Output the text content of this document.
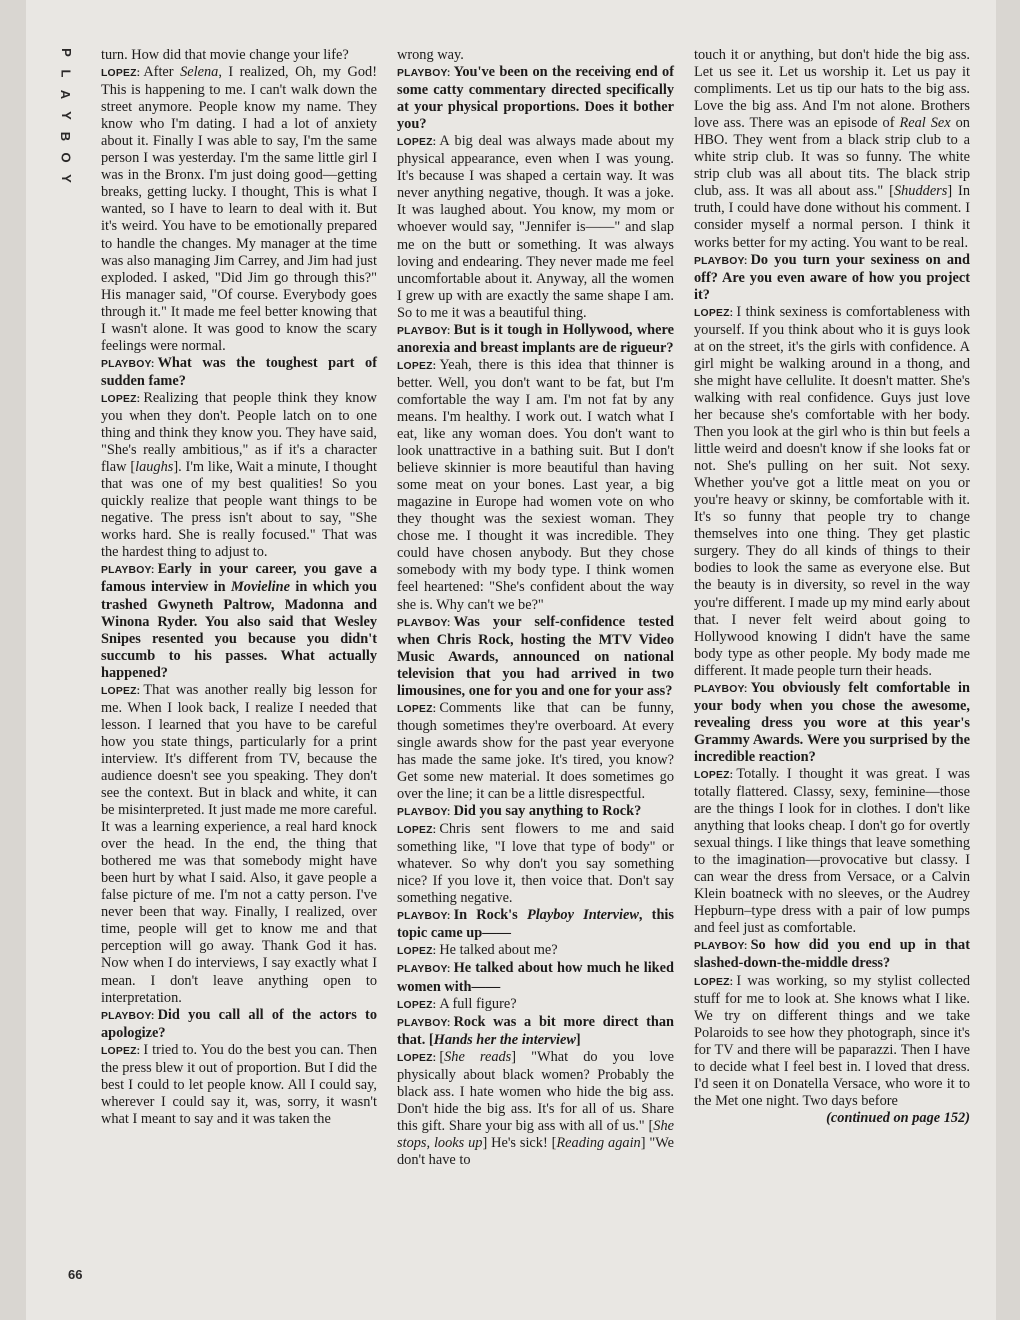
P
L
A
Y
B
O
Y

turn. How did that movie change your life?

LOPEZ: After Selena, I realized, Oh, my God! This is happening to me. I can't walk down the street anymore. People know my name. They know who I'm dating. I had a lot of anxiety about it. Finally I was able to say, I'm the same person I was yesterday. I'm the same little girl I was in the Bronx. I'm just doing good—getting breaks, getting lucky. I thought, This is what I wanted, so I have to learn to deal with it. But it's weird. You have to be emotionally prepared to handle the changes. My manager at the time was also managing Jim Carrey, and Jim had just exploded. I asked, "Did Jim go through this?" His manager said, "Of course. Everybody goes through it." It made me feel better knowing that I wasn't alone. It was good to know the scary feelings were normal.

PLAYBOY: What was the toughest part of sudden fame?

LOPEZ: Realizing that people think they know you when they don't. People latch on to one thing and think they know you. They have said, "She's really ambitious," as if it's a character flaw [laughs]. I'm like, Wait a minute, I thought that was one of my best qualities! So you quickly realize that people want things to be negative. The press isn't about to say, "She works hard. She is really focused." That was the hardest thing to adjust to.

PLAYBOY: Early in your career, you gave a famous interview in Movieline in which you trashed Gwyneth Paltrow, Madonna and Winona Ryder. You also said that Wesley Snipes resented you because you didn't succumb to his passes. What actually happened?

LOPEZ: That was another really big lesson for me. When I look back, I realize I needed that lesson. I learned that you have to be careful how you state things, particularly for a print interview. It's different from TV, because the audience doesn't see you speaking. They don't see the context. But in black and white, it can be misinterpreted. It just made me more careful. It was a learning experience, a real hard knock over the head. In the end, the thing that bothered me was that somebody might have been hurt by what I said. Also, it gave people a false picture of me. I'm not a catty person. I've never been that way. Finally, I realized, over time, people will get to know me and that perception will go away. Thank God it has. Now when I do interviews, I say exactly what I mean. I don't leave anything open to interpretation.

PLAYBOY: Did you call all of the actors to apologize?

LOPEZ: I tried to. You do the best you can. Then the press blew it out of proportion. But I did the best I could to let people know. All I could say, wherever I could say it, was, sorry, it wasn't what I meant to say and it was taken the

wrong way.

PLAYBOY: You've been on the receiving end of some catty commentary directed specifically at your physical proportions. Does it bother you?

LOPEZ: A big deal was always made about my physical appearance, even when I was young. It's because I was shaped a certain way. It was never anything negative, though. It was a joke. It was laughed about. You know, my mom or whoever would say, "Jennifer is——" and slap me on the butt or something. It was always loving and endearing. They never made me feel uncomfortable about it. Anyway, all the women I grew up with are exactly the same shape I am. So to me it was a beautiful thing.

PLAYBOY: But is it tough in Hollywood, where anorexia and breast implants are de rigueur?

LOPEZ: Yeah, there is this idea that thinner is better. Well, you don't want to be fat, but I'm comfortable the way I am. I'm not fat by any means. I'm healthy. I work out. I watch what I eat, like any woman does. You don't want to look unattractive in a bathing suit. But I don't believe skinnier is more beautiful than having some meat on your bones. Last year, a big magazine in Europe had women vote on who they thought was the sexiest woman. They chose me. I thought it was incredible. They could have chosen anybody. But they chose somebody with my body type. I think women feel heartened: "She's confident about the way she is. Why can't we be?"

PLAYBOY: Was your self-confidence tested when Chris Rock, hosting the MTV Video Music Awards, announced on national television that you had arrived in two limousines, one for you and one for your ass?

LOPEZ: Comments like that can be funny, though sometimes they're overboard. At every single awards show for the past year everyone has made the same joke. It's tired, you know? Get some new material. It does sometimes go over the line; it can be a little disrespectful.

PLAYBOY: Did you say anything to Rock?

LOPEZ: Chris sent flowers to me and said something like, "I love that type of body" or whatever. So why don't you say something nice? If you love it, then voice that. Don't say something negative.

PLAYBOY: In Rock's Playboy Interview, this topic came up——

LOPEZ: He talked about me?

PLAYBOY: He talked about how much he liked women with——

LOPEZ: A full figure?

PLAYBOY: Rock was a bit more direct than that. [Hands her the interview]

LOPEZ: [She reads] "What do you love physically about black women? Probably the black ass. I hate women who hide the big ass. Don't hide the big ass. It's for all of us. Share this gift. Share your big ass with all of us." [She stops, looks up] He's sick! [Reading again] "We don't have to

touch it or anything, but don't hide the big ass. Let us see it. Let us worship it. Let us pay it compliments. Let us tip our hats to the big ass. Love the big ass. And I'm not alone. Brothers love ass. There was an episode of Real Sex on HBO. They went from a black strip club to a white strip club. It was so funny. The white strip club was all about tits. The black strip club, ass. It was all about ass." [Shudders] In truth, I could have done without his comment. I consider myself a normal person. I think it works better for my acting. You want to be real.

PLAYBOY: Do you turn your sexiness on and off? Are you even aware of how you project it?

LOPEZ: I think sexiness is comfortableness with yourself. If you think about who it is guys look at on the street, it's the girls with confidence. A girl might be walking around in a thong, and she might have cellulite. It doesn't matter. She's walking with real confidence. Guys just love her because she's comfortable with her body. Then you look at the girl who is thin but feels a little weird and doesn't know if she looks fat or not. She's pulling on her suit. Not sexy. Whether you've got a little meat on you or you're heavy or skinny, be comfortable with it. It's so funny that people try to change themselves into one thing. They get plastic surgery. They do all kinds of things to their bodies to look the same as everyone else. But the beauty is in diversity, so revel in the way you're different. I made up my mind early about that. I never felt weird about going to Hollywood knowing I didn't have the same body type as other people. My body made me different. It made people turn their heads.

PLAYBOY: You obviously felt comfortable in your body when you chose the awesome, revealing dress you wore at this year's Grammy Awards. Were you surprised by the incredible reaction?

LOPEZ: Totally. I thought it was great. I was totally flattered. Classy, sexy, feminine—those are the things I look for in clothes. I don't like anything that looks cheap. I don't go for overtly sexual things. I like things that leave something to the imagination—provocative but classy. I can wear the dress from Versace, or a Calvin Klein boatneck with no sleeves, or the Audrey Hepburn–type dress with a pair of low pumps and feel just as comfortable.

PLAYBOY: So how did you end up in that slashed-down-the-middle dress?

LOPEZ: I was working, so my stylist collected stuff for me to look at. She knows what I like. We try on different things and we take Polaroids to see how they photograph, since it's for TV and there will be paparazzi. Then I have to decide what I feel best in. I loved that dress. I'd seen it on Donatella Versace, who wore it to the Met one night. Two days before

(continued on page 152)

66
